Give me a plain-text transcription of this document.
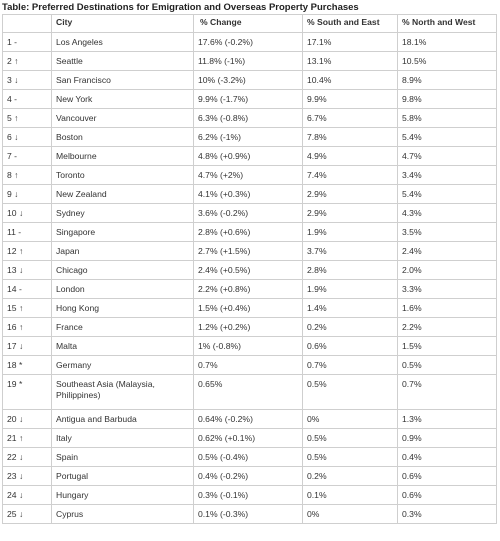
Table: Preferred Destinations for Emigration and Overseas Property Purchases
	City	% Change	% South and East	% North and West
1 -	Los Angeles	17.6% (-0.2%)	17.1%	18.1%
2 ↑	Seattle	11.8% (-1%)	13.1%	10.5%
3 ↓	San Francisco	10% (-3.2%)	10.4%	8.9%
4 -	New York	9.9% (-1.7%)	9.9%	9.8%
5 ↑	Vancouver	6.3% (-0.8%)	6.7%	5.8%
6 ↓	Boston	6.2% (-1%)	7.8%	5.4%
7 -	Melbourne	4.8% (+0.9%)	4.9%	4.7%
8 ↑	Toronto	4.7% (+2%)	7.4%	3.4%
9 ↓	New Zealand	4.1% (+0.3%)	2.9%	5.4%
10 ↓	Sydney	3.6% (-0.2%)	2.9%	4.3%
11 -	Singapore	2.8% (+0.6%)	1.9%	3.5%
12 ↑	Japan	2.7% (+1.5%)	3.7%	2.4%
13 ↓	Chicago	2.4% (+0.5%)	2.8%	2.0%
14 -	London	2.2% (+0.8%)	1.9%	3.3%
15 ↑	Hong Kong	1.5% (+0.4%)	1.4%	1.6%
16 ↑	France	1.2% (+0.2%)	0.2%	2.2%
17 ↓	Malta	1% (-0.8%)	0.6%	1.5%
18 *	Germany	0.7%	0.7%	0.5%
19 *	Southeast Asia (Malaysia,
Philippines)	0.65%	0.5%	0.7%
20 ↓	Antigua and Barbuda	0.64% (-0.2%)	0%	1.3%
21 ↑	Italy	0.62% (+0.1%)	0.5%	0.9%
22 ↓	Spain	0.5% (-0.4%)	0.5%	0.4%
23 ↓	Portugal	0.4% (-0.2%)	0.2%	0.6%
24 ↓	Hungary	0.3% (-0.1%)	0.1%	0.6%
25 ↓	Cyprus	0.1% (-0.3%)	0%	0.3%
